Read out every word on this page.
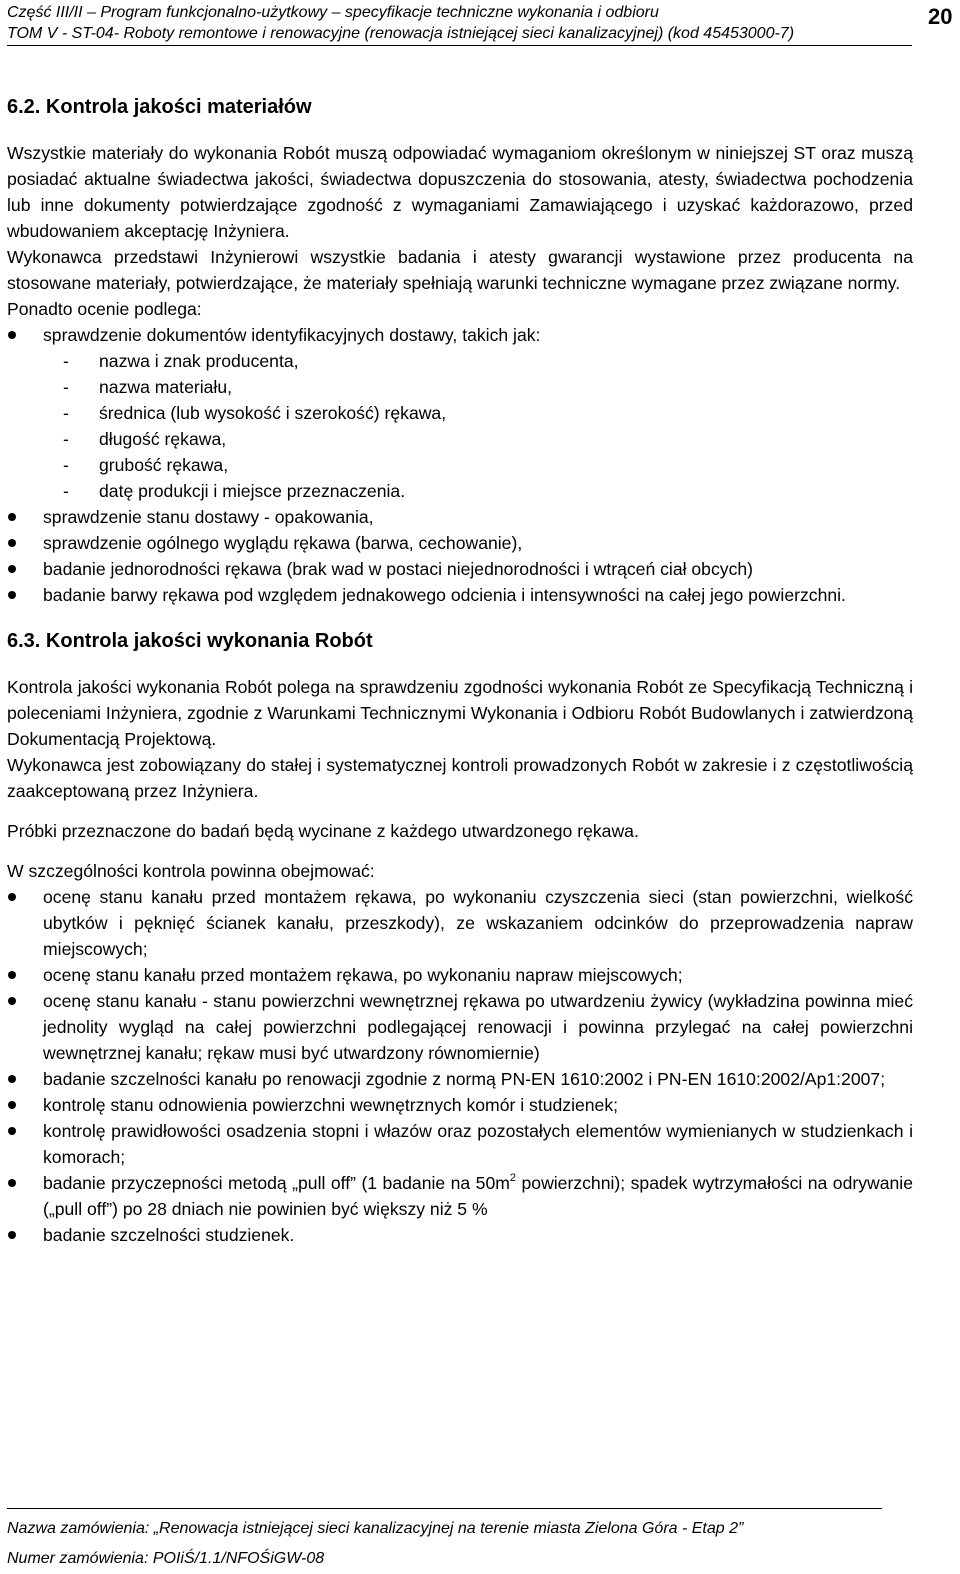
Część III/II – Program funkcjonalno-użytkowy – specyfikacje techniczne wykonania i odbioru
TOM V - ST-04- Roboty remontowe i renowacyjne (renowacja istniejącej sieci kanalizacyjnej) (kod 45453000-7)
20
6.2. Kontrola jakości materiałów

Wszystkie materiały do wykonania Robót muszą odpowiadać wymaganiom określonym w niniejszej ST oraz muszą posiadać aktualne świadectwa jakości, świadectwa dopuszczenia do stosowania, atesty, świadectwa pochodzenia lub inne dokumenty potwierdzające zgodność z wymaganiami Zamawiającego i uzyskać każdorazowo, przed wbudowaniem akceptację Inżyniera.

Wykonawca przedstawi Inżynierowi wszystkie badania i atesty gwarancji wystawione przez producenta na stosowane materiały, potwierdzające, że materiały spełniają warunki techniczne wymagane przez związane normy.

Ponadto ocenie podlega:

sprawdzenie dokumentów identyfikacyjnych dostawy, takich jak:
- nazwa i znak producenta,
- nazwa materiału,
- średnica (lub wysokość i szerokość) rękawa,
- długość rękawa,
- grubość rękawa,
- datę produkcji i miejsce przeznaczenia.
sprawdzenie stanu dostawy - opakowania,
sprawdzenie ogólnego wyglądu rękawa (barwa, cechowanie),
badanie jednorodności rękawa (brak wad w postaci niejednorodności i wtrąceń ciał obcych)
badanie barwy rękawa pod względem jednakowego odcienia i intensywności na całej jego powierzchni.
6.3. Kontrola jakości wykonania Robót

Kontrola jakości wykonania Robót polega na sprawdzeniu zgodności wykonania Robót ze Specyfikacją Techniczną i poleceniami Inżyniera, zgodnie z Warunkami Technicznymi Wykonania i Odbioru Robót Budowlanych i zatwierdzoną Dokumentacją Projektową.

Wykonawca jest zobowiązany do stałej i systematycznej kontroli prowadzonych Robót w zakresie i z częstotliwością zaakceptowaną przez Inżyniera.

Próbki przeznaczone do badań będą wycinane z każdego utwardzonego rękawa.

W szczególności kontrola powinna obejmować:

ocenę stanu kanału przed montażem rękawa, po wykonaniu czyszczenia sieci (stan powierzchni, wielkość ubytków i pęknięć ścianek kanału, przeszkody), ze wskazaniem odcinków do przeprowadzenia napraw miejscowych;
ocenę stanu kanału przed montażem rękawa, po wykonaniu napraw miejscowych;
ocenę stanu kanału - stanu powierzchni wewnętrznej rękawa po utwardzeniu żywicy (wykładzina powinna mieć jednolity wygląd na całej powierzchni podlegającej renowacji i powinna przylegać na całej powierzchni wewnętrznej kanału; rękaw musi być utwardzony równomiernie)
badanie szczelności kanału po renowacji zgodnie z normą PN-EN 1610:2002 i PN-EN 1610:2002/Ap1:2007;
kontrolę stanu odnowienia powierzchni wewnętrznych komór i studzienek;
kontrolę prawidłowości osadzenia stopni i włazów oraz pozostałych elementów wymienianych w studzienkach i komorach;
badanie przyczepności metodą „pull off” (1 badanie na $50m^2$ powierzchni); spadek wytrzymałości na odrywanie („pull off”) po 28 dniach nie powinien być większy niż 5 %
badanie szczelności studzienek.
Nazwa zamówienia: „Renowacja istniejącej sieci kanalizacyjnej na terenie miasta Zielona Góra - Etap 2”
Numer zamówienia: POIiŚ/1.1/NFOŚiGW-08
